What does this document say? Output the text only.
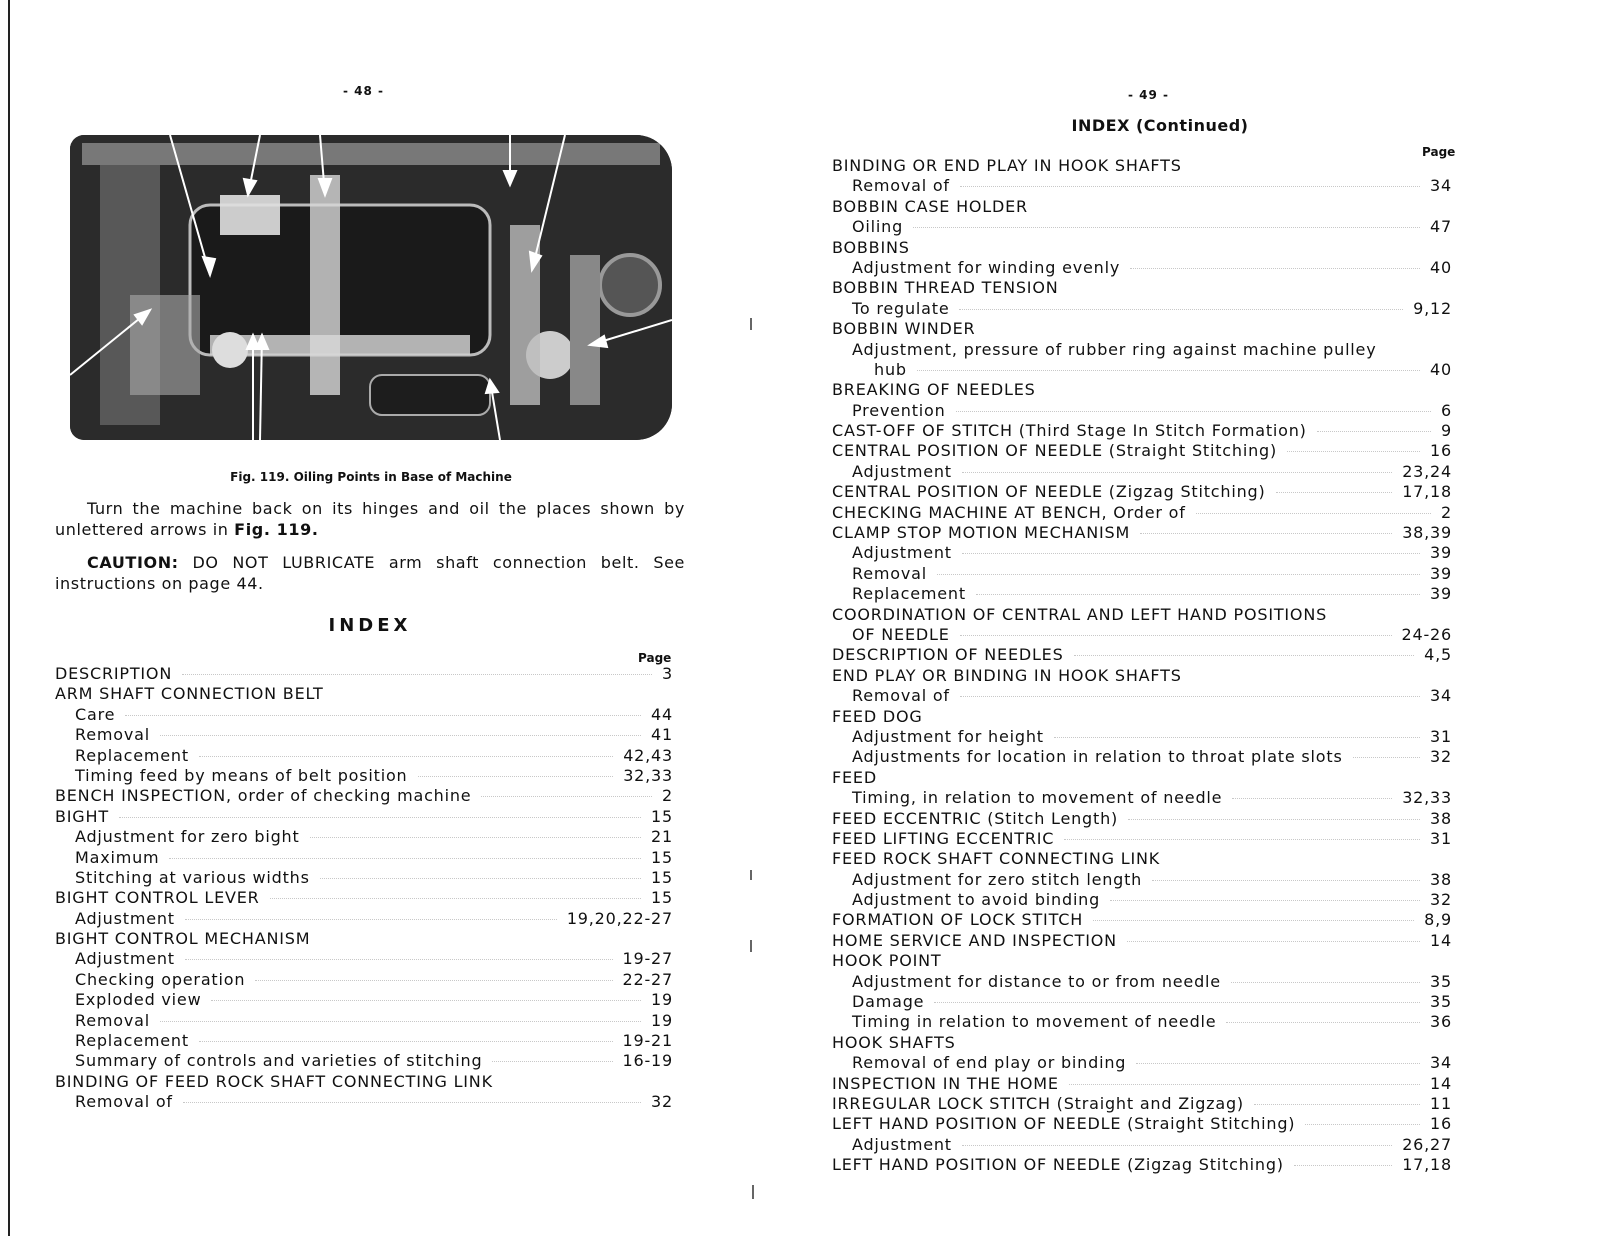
- 48 -
Fig. 119. Oiling Points in Base of Machine
Turn the machine back on its hinges and oil the places shown by unlettered arrows in Fig. 119.
CAUTION: DO NOT LUBRICATE arm shaft connection belt. See instructions on page 44.
INDEX
Page
DESCRIPTION	3
ARM SHAFT CONNECTION BELT
Care	44
Removal	41
Replacement	42,43
Timing feed by means of belt position	32,33
BENCH INSPECTION, order of checking machine	2
BIGHT	15
Adjustment for zero bight	21
Maximum	15
Stitching at various widths	15
BIGHT CONTROL LEVER	15
Adjustment	19,20,22-27
BIGHT CONTROL MECHANISM
Adjustment	19-27
Checking operation	22-27
Exploded view	19
Removal	19
Replacement	19-21
Summary of controls and varieties of stitching	16-19
BINDING OF FEED ROCK SHAFT CONNECTING LINK
Removal of	32
- 49 -
INDEX (Continued)
Page
BINDING OR END PLAY IN HOOK SHAFTS
Removal of	34
BOBBIN CASE HOLDER
Oiling	47
BOBBINS
Adjustment for winding evenly	40
BOBBIN THREAD TENSION
To regulate	9,12
BOBBIN WINDER
Adjustment, pressure of rubber ring against machine pulley
hub	40
BREAKING OF NEEDLES
Prevention	6
CAST-OFF OF STITCH (Third Stage In Stitch Formation)	9
CENTRAL POSITION OF NEEDLE (Straight Stitching)	16
Adjustment	23,24
CENTRAL POSITION OF NEEDLE (Zigzag Stitching)	17,18
CHECKING MACHINE AT BENCH, Order of	2
CLAMP STOP MOTION MECHANISM	38,39
Adjustment	39
Removal	39
Replacement	39
COORDINATION OF CENTRAL AND LEFT HAND POSITIONS
OF NEEDLE	24-26
DESCRIPTION OF NEEDLES	4,5
END PLAY OR BINDING IN HOOK SHAFTS
Removal of	34
FEED DOG
Adjustment for height	31
Adjustments for location in relation to throat plate slots	32
FEED
Timing, in relation to movement of needle	32,33
FEED ECCENTRIC (Stitch Length)	38
FEED LIFTING ECCENTRIC	31
FEED ROCK SHAFT CONNECTING LINK
Adjustment for zero stitch length	38
Adjustment to avoid binding	32
FORMATION OF LOCK STITCH	8,9
HOME SERVICE AND INSPECTION	14
HOOK POINT
Adjustment for distance to or from needle	35
Damage	35
Timing in relation to movement of needle	36
HOOK SHAFTS
Removal of end play or binding	34
INSPECTION IN THE HOME	14
IRREGULAR LOCK STITCH (Straight and Zigzag)	11
LEFT HAND POSITION OF NEEDLE (Straight Stitching)	16
Adjustment	26,27
LEFT HAND POSITION OF NEEDLE (Zigzag Stitching)	17,18
